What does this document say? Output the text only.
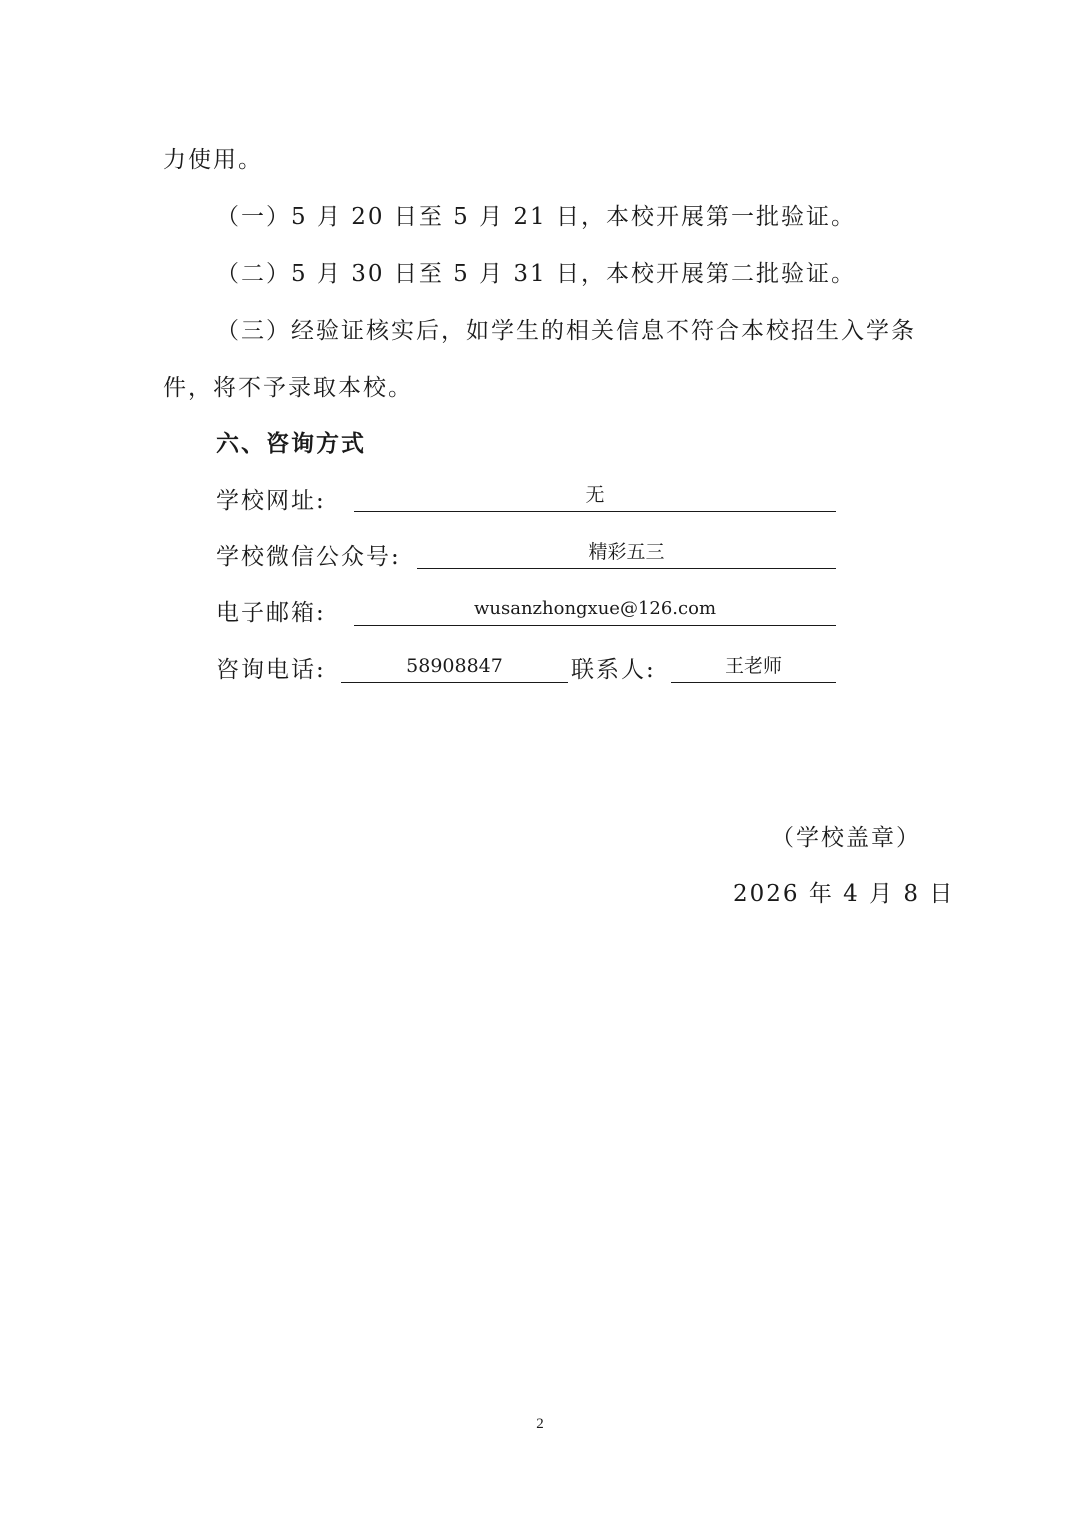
力使用。
（一）5 月 20 日至 5 月 21 日，本校开展第一批验证。
（二）5 月 30 日至 5 月 31 日，本校开展第二批验证。
（三）经验证核实后，如学生的相关信息不符合本校招生入学条
件，将不予录取本校。
六、咨询方式
学校网址:	无
学校微信公众号:	精彩五三
电子邮箱:	wusanzhongxue@126.com
咨询电话:	58908847	联系人:	王老师
（学校盖章）
2026 年 4 月 8 日
2
